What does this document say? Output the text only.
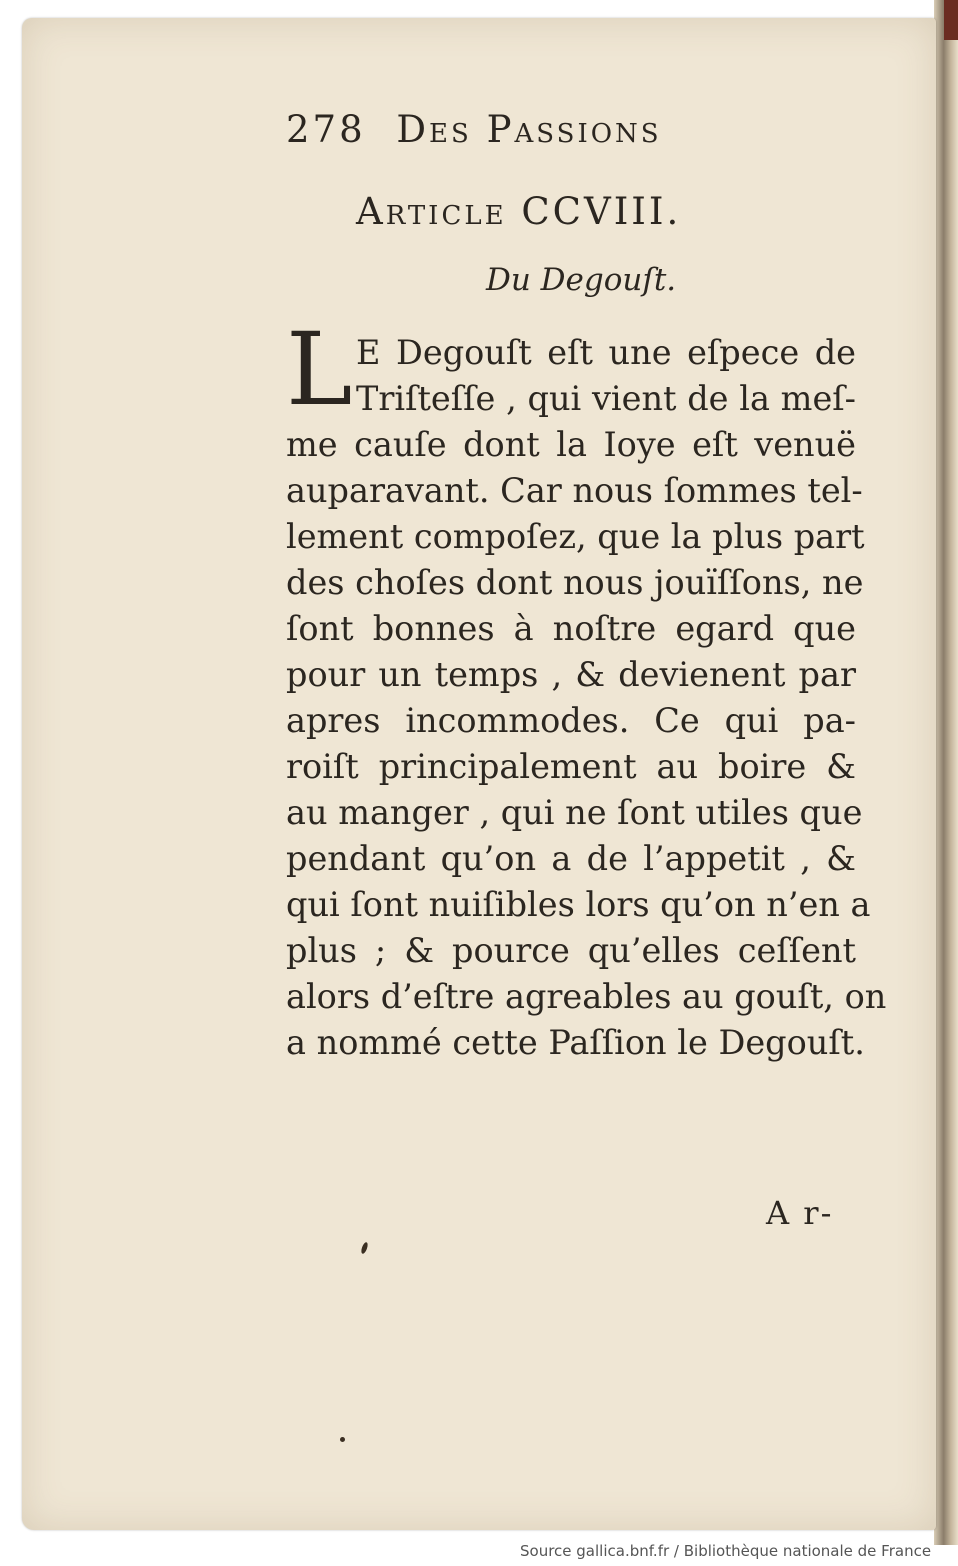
278 Des Passions
Article CCVIII.
Du Degouſt.
L E Degouſt eſt une eſpece de
Triſteſſe , qui vient de la meſ-
me cauſe dont la Ioye eſt venuë
auparavant. Car nous ſommes tel-
lement compoſez, que la plus part
des choſes dont nous jouïſſons, ne
ſont bonnes à noſtre egard que
pour un temps , & devienent par
apres incommodes. Ce qui pa-
roiſt principalement au boire &
au manger , qui ne ſont utiles que
pendant qu’on a de l’appetit , &
qui ſont nuiſibles lors qu’on n’en a
plus ; & pource qu’elles ceſſent
alors d’eſtre agreables au gouſt, on
a nommé cette Paſſion le Degouſt.
A r-
Source gallica.bnf.fr / Bibliothèque nationale de France
